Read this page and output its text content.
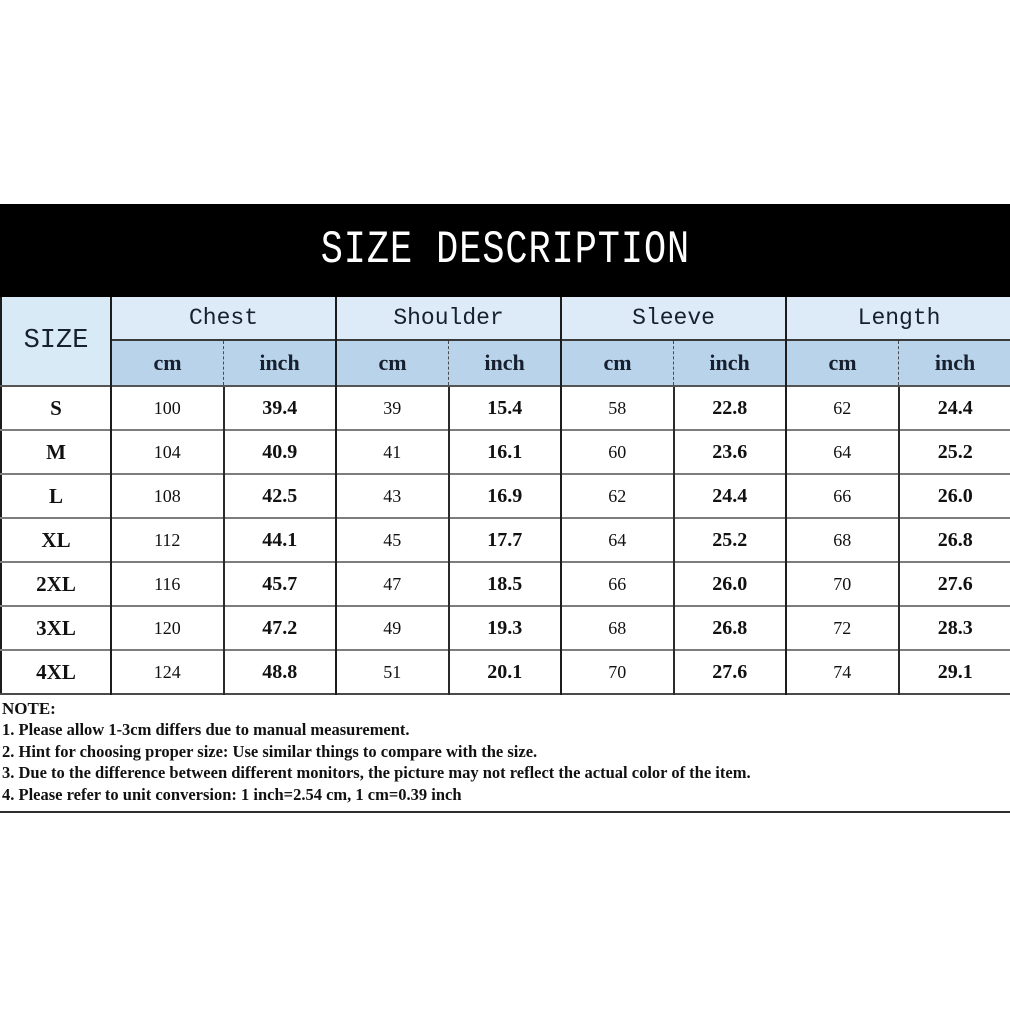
SIZE DESCRIPTION
SIZE	Chest		Shoulder		Sleeve		Length	
	cm	inch	cm	inch	cm	inch	cm	inch
S	100	39.4	39	15.4	58	22.8	62	24.4
M	104	40.9	41	16.1	60	23.6	64	25.2
L	108	42.5	43	16.9	62	24.4	66	26.0
XL	112	44.1	45	17.7	64	25.2	68	26.8
2XL	116	45.7	47	18.5	66	26.0	70	27.6
3XL	120	47.2	49	19.3	68	26.8	72	28.3
4XL	124	48.8	51	20.1	70	27.6	74	29.1
NOTE:
1. Please allow 1-3cm differs due to manual measurement.
2. Hint for choosing proper size: Use similar things to compare with the size.
3. Due to the difference between different monitors, the picture may not reflect the actual color of the item.
4. Please refer to unit conversion: 1 inch=2.54 cm, 1 cm=0.39 inch
